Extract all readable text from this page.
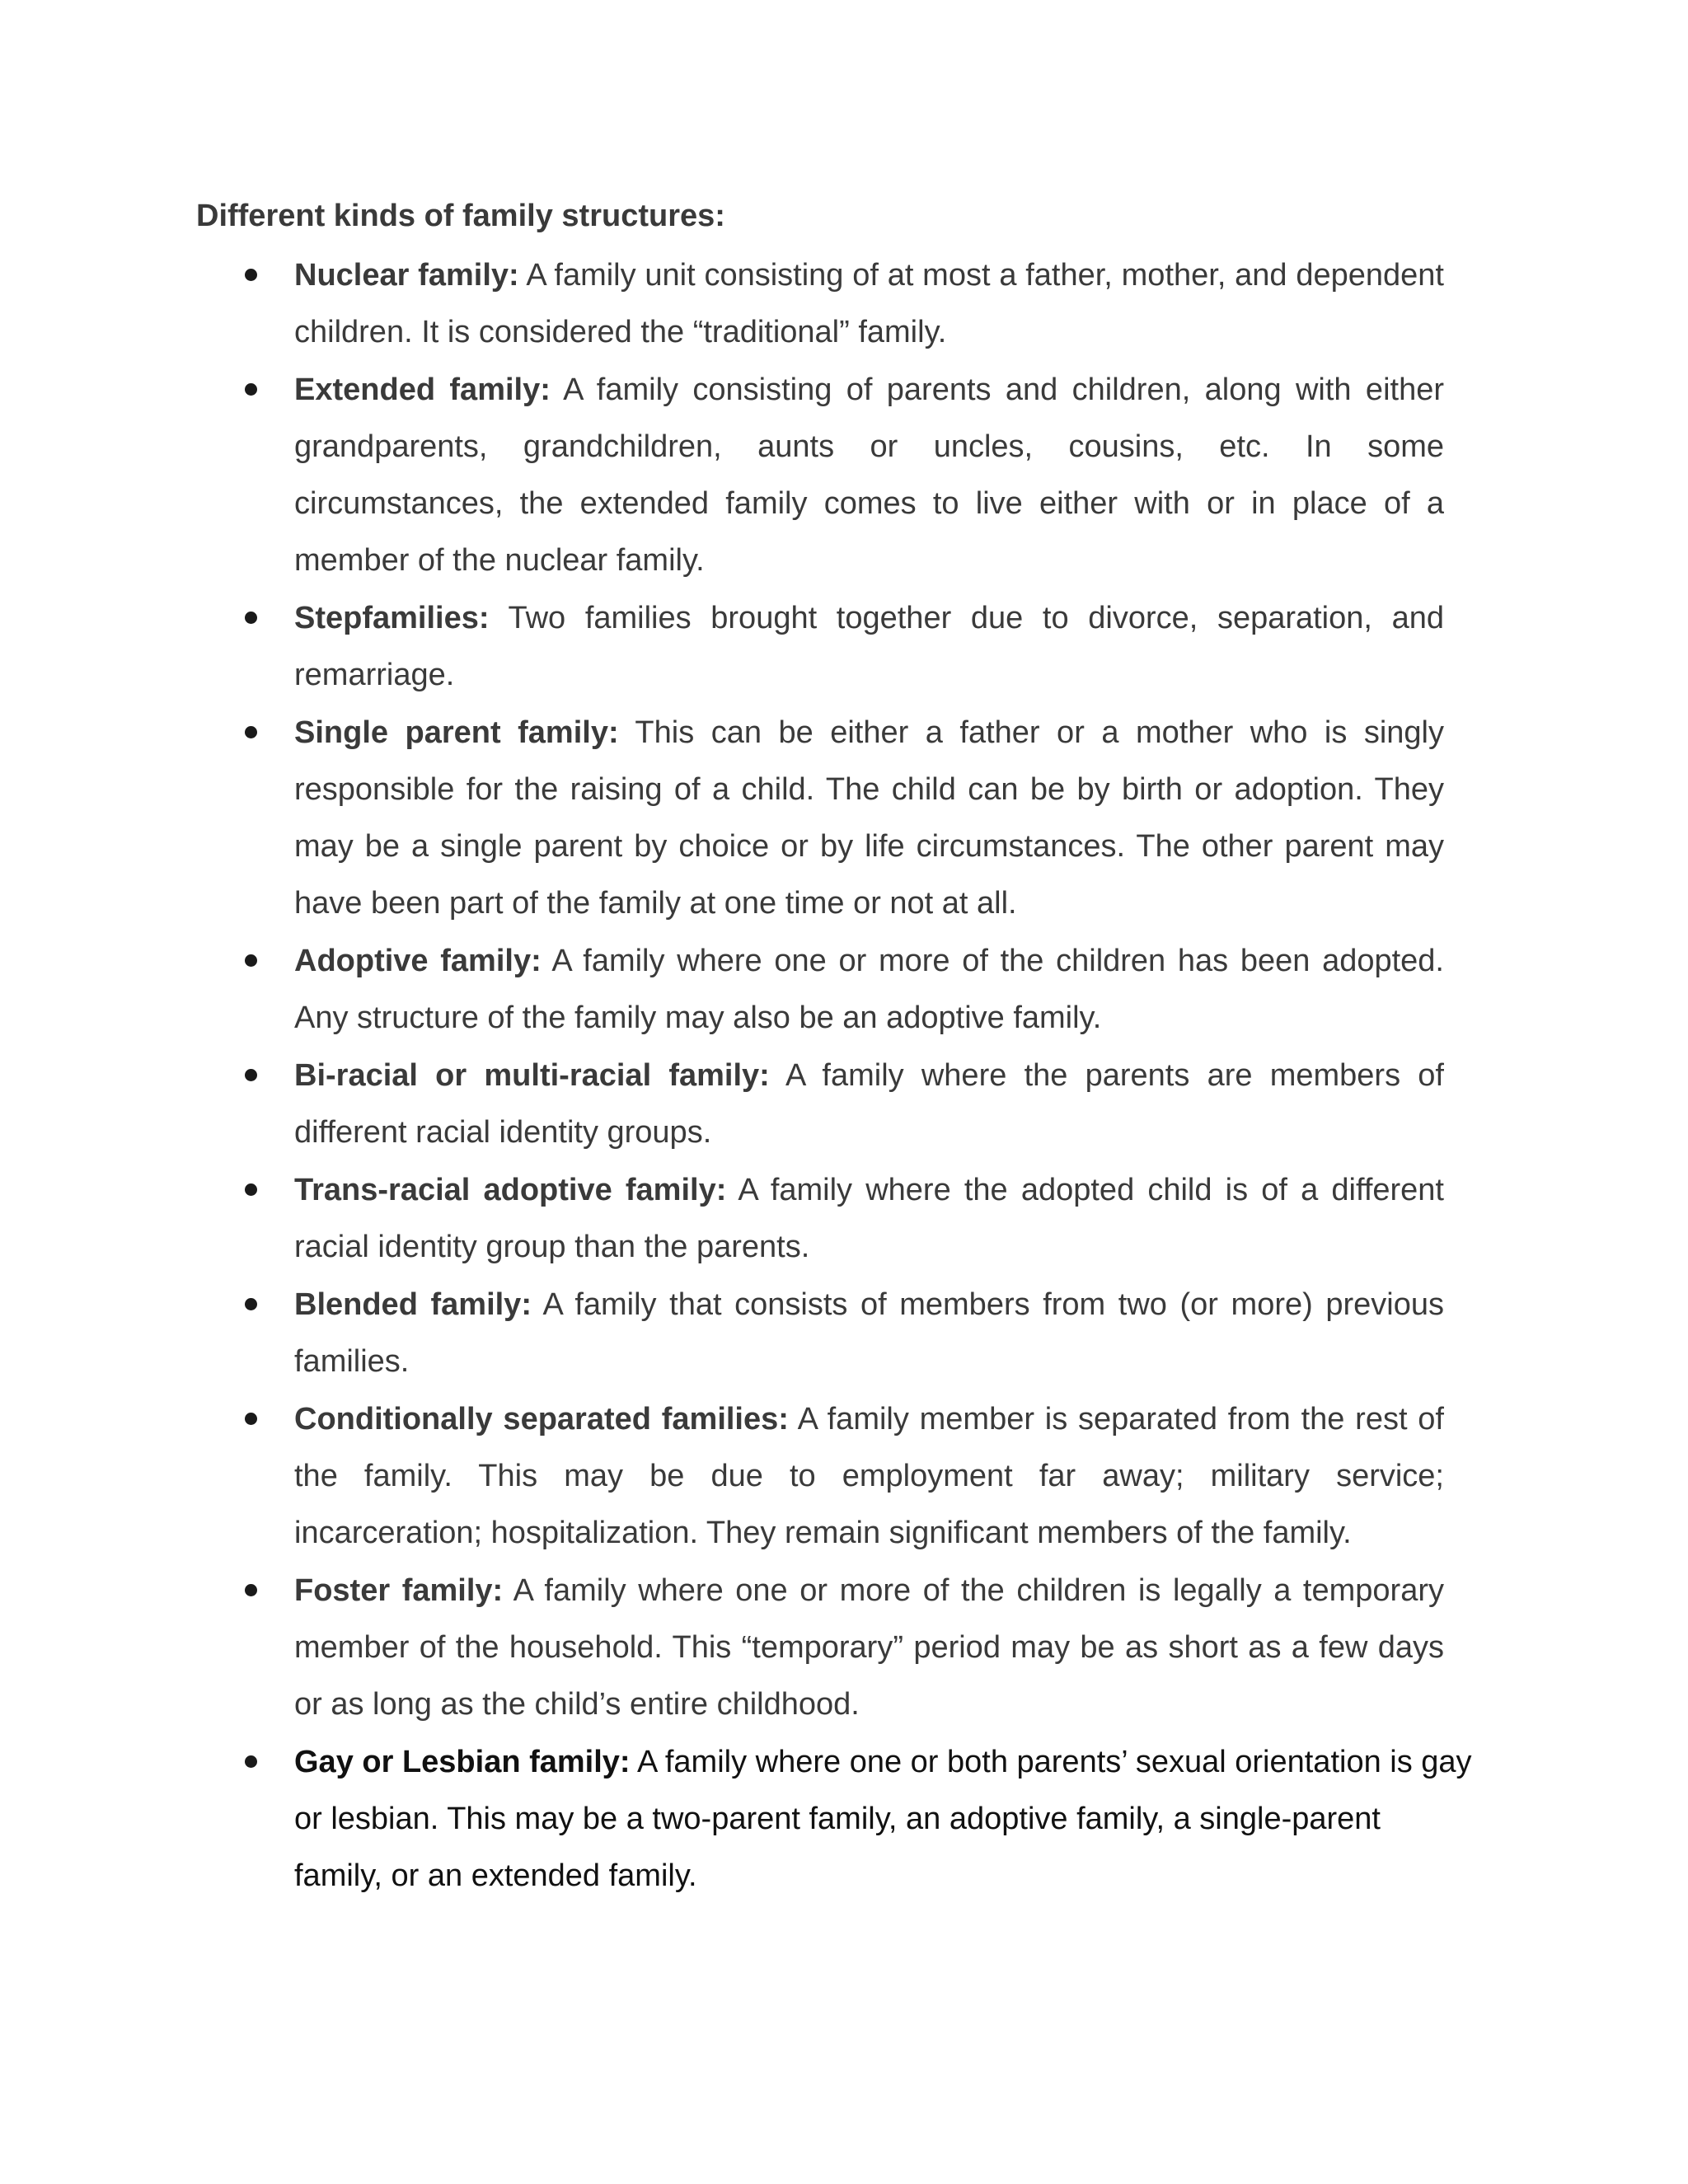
Different kinds of family structures:
Nuclear family: A family unit consisting of at most a father, mother, and dependent children. It is considered the “traditional” family.
Extended family: A family consisting of parents and children, along with either grandparents, grandchildren, aunts or uncles, cousins, etc. In some circumstances, the extended family comes to live either with or in place of a member of the nuclear family.
Stepfamilies: Two families brought together due to divorce, separation, and remarriage.
Single parent family: This can be either a father or a mother who is singly responsible for the raising of a child. The child can be by birth or adoption. They may be a single parent by choice or by life circumstances. The other parent may have been part of the family at one time or not at all.
Adoptive family: A family where one or more of the children has been adopted. Any structure of the family may also be an adoptive family.
Bi-racial or multi-racial family: A family where the parents are members of different racial identity groups.
Trans-racial adoptive family: A family where the adopted child is of a different racial identity group than the parents.
Blended family: A family that consists of members from two (or more) previous families.
Conditionally separated families: A family member is separated from the rest of the family. This may be due to employment far away; military service; incarceration; hospitalization. They remain significant members of the family.
Foster family: A family where one or more of the children is legally a temporary member of the household. This “temporary” period may be as short as a few days or as long as the child’s entire childhood.
Gay or Lesbian family: A family where one or both parents’ sexual orientation is gay or lesbian. This may be a two-parent family, an adoptive family, a single-parent family, or an extended family.
